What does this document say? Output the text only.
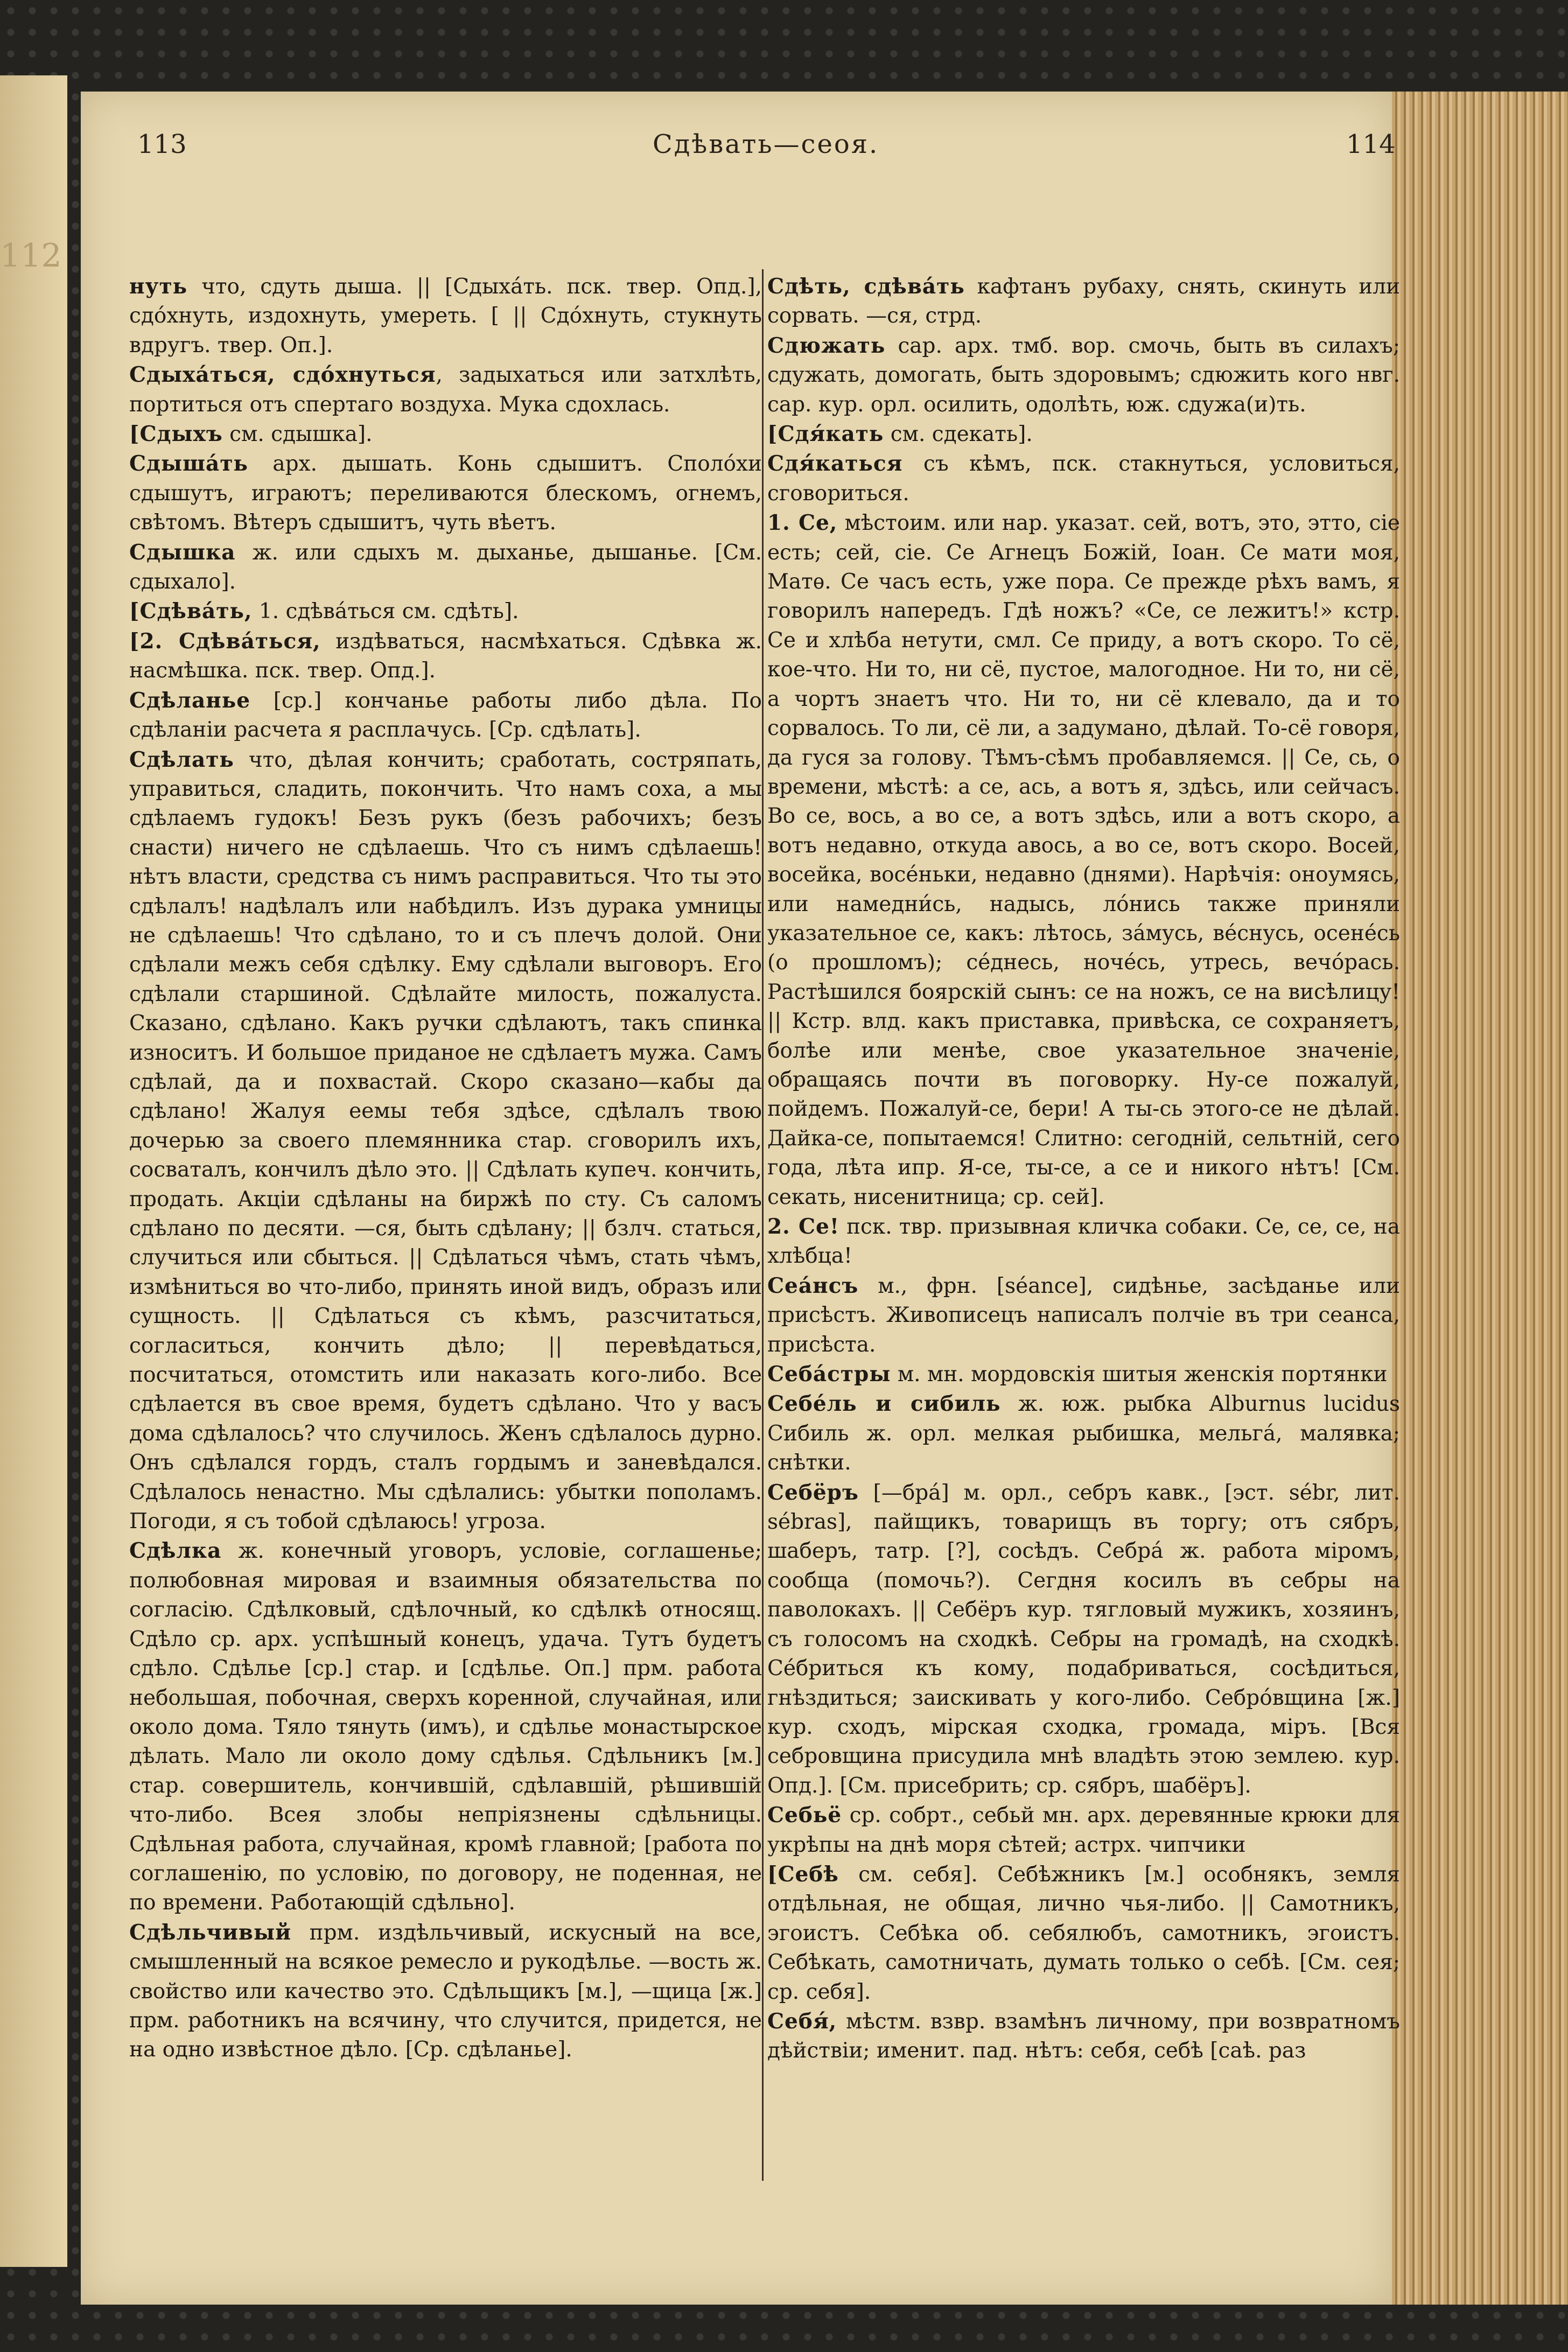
112
113	Сдѣвать—сеоя.	114

нуть что, сдуть дыша. || [Сдыхáть. пск. твер. Опд.], сдóхнуть, издохнуть, умереть. [ || Сдóхнуть, стукнуть вдругъ. твер. Оп.].

Сдыхáться, сдóхнуться, задыхаться или затхлѣть, портиться отъ спертаго воздуха. Мука сдохлась.

[Сдыхъ см. сдышка].

Сдышáть арх. дышать. Конь сдышитъ. Сполóхи сдышутъ, играютъ; переливаются блескомъ, огнемъ, свѣтомъ. Вѣтеръ сдышитъ, чуть вѣетъ.

Сдышка ж. или сдыхъ м. дыханье, дышанье. [См. сдыхало].

[Сдѣвáть, 1. сдѣвáться см. сдѣть].

[2. Сдѣвáться, издѣваться, насмѣхаться. Сдѣвка ж. насмѣшка. пск. твер. Опд.].

Сдѣланье [ср.] кончанье работы либо дѣла. По сдѣланіи расчета я расплачусь. [Ср. сдѣлать].

Сдѣлать что, дѣлая кончить; сработать, состряпать, управиться, сладить, покончить. Что намъ соха, а мы сдѣлаемъ гудокъ! Безъ рукъ (безъ рабочихъ; безъ снасти) ничего не сдѣлаешь. Что съ нимъ сдѣлаешь! нѣтъ власти, средства съ нимъ расправиться. Что ты это сдѣлалъ! надѣлалъ или набѣдилъ. Изъ дурака умницы не сдѣлаешь! Что сдѣлано, то и съ плечъ долой. Они сдѣлали межъ себя сдѣлку. Ему сдѣлали выговоръ. Его сдѣлали старшиной. Сдѣлайте милость, пожалуста. Сказано, сдѣлано. Какъ ручки сдѣлаютъ, такъ спинка износитъ. И большое приданое не сдѣлаетъ мужа. Самъ сдѣлай, да и похвастай. Скоро сказано—кабы да сдѣлано! Жалуя еемы тебя здѣсе, сдѣлалъ твою дочерью за своего племянника стар. сговорилъ ихъ, сосваталъ, кончилъ дѣло это. || Сдѣлать купеч. кончить, продать. Акціи сдѣланы на биржѣ по сту. Съ саломъ сдѣлано по десяти. —ся, быть сдѣлану; || бзлч. статься, случиться или сбыться. || Сдѣлаться чѣмъ, стать чѣмъ, измѣниться во что-либо, принять иной видъ, образъ или сущность. || Сдѣлаться съ кѣмъ, разсчитаться, согласиться, кончить дѣло; || перевѣдаться, посчитаться, отомстить или наказать кого-либо. Все сдѣлается въ свое время, будетъ сдѣлано. Что у васъ дома сдѣлалось? что случилось. Женъ сдѣлалось дурно. Онъ сдѣлался гордъ, сталъ гордымъ и заневѣдался. Сдѣлалось ненастно. Мы сдѣлались: убытки пополамъ. Погоди, я съ тобой сдѣлаюсь! угроза.

Сдѣлка ж. конечный уговоръ, условіе, соглашенье; полюбовная мировая и взаимныя обязательства по согласію. Сдѣлковый, сдѣлочный, ко сдѣлкѣ относящ. Сдѣло ср. арх. успѣшный конецъ, удача. Тутъ будетъ сдѣло. Сдѣлье [ср.] стар. и [сдѣлье. Оп.] прм. работа небольшая, побочная, сверхъ коренной, случайная, или около дома. Тяло тянуть (имъ), и сдѣлье монастырское дѣлать. Мало ли около дому сдѣлья. Сдѣльникъ [м.] стар. совершитель, кончившій, сдѣлавшій, рѣшившій что-либо. Всея злобы непріязнены сдѣльницы. Сдѣльная работа, случайная, кромѣ главной; [работа по соглашенію, по условію, по договору, не поденная, не по времени. Работающій сдѣльно].

Сдѣльчивый прм. издѣльчивый, искусный на все, смышленный на всякое ремесло и рукодѣлье. —вость ж. свойство или качество это. Сдѣльщикъ [м.], —щица [ж.] прм. работникъ на всячину, что случится, придется, не на одно извѣстное дѣло. [Ср. сдѣланье].

Сдѣть, сдѣвáть кафтанъ рубаху, снять, скинуть или сорвать. —ся, стрд.

Сдюжать сар. арх. тмб. вор. смочь, быть въ силахъ; сдужать, домогать, быть здоровымъ; сдюжить кого нвг. сар. кур. орл. осилить, одолѣть, юж. сдужа(и)ть.

[Сдя́кать см. сдекать].

Сдя́каться съ кѣмъ, пск. стакнуться, условиться, сговориться.

1. Се, мѣстоим. или нар. указат. сей, вотъ, это, этто, сіе есть; сей, сіе. Се Агнецъ Божій, Іоан. Се мати моя, Матѳ. Се часъ есть, уже пора. Се прежде рѣхъ вамъ, я говорилъ напередъ. Гдѣ ножъ? «Се, се лежитъ!» кстр. Се и хлѣба нетути, смл. Се приду, а вотъ скоро. То сё, кое-что. Ни то, ни сё, пустое, малогодное. Ни то, ни сё, а чортъ знаетъ что. Ни то, ни сё клевало, да и то сорвалось. То ли, сё ли, а задумано, дѣлай. То-сё говоря, да гуся за голову. Тѣмъ-сѣмъ пробавляемся. || Се, сь, о времени, мѣстѣ: а се, ась, а вотъ я, здѣсь, или сейчасъ. Во се, вось, а во се, а вотъ здѣсь, или а вотъ скоро, а вотъ недавно, откуда авось, а во се, вотъ скоро. Восей, восейка, восéньки, недавно (днями). Нарѣчія: оноумясь, или намедни́сь, надысь, ло́нись также приняли указательное се, какъ: лѣтось, зáмусь, вéснусь, осенéсь (о прошломъ); сéднесь, ночéсь, утресь, вечóрась. Растѣшился боярскій сынъ: се на ножъ, се на висѣлицу! || Кстр. влд. какъ приставка, привѣска, се сохраняетъ, болѣе или менѣе, свое указательное значеніе, обращаясь почти въ поговорку. Ну-се пожалуй, пойдемъ. Пожалуй-се, бери! А ты-сь этого-се не дѣлай. Дайка-се, попытаемся! Слитно: сегодній, сельтній, сего года, лѣта ипр. Я-се, ты-се, а се и никого нѣтъ! [См. секать, нисенитница; ср. сей].

2. Се! пск. твр. призывная кличка собаки. Се, се, се, на хлѣбца!

Сеáнсъ м., фрн. [séance], сидѣнье, засѣданье или присѣстъ. Живописецъ написалъ полчіе въ три сеанса, присѣста.

Себáстры м. мн. мордовскія шитыя женскія портянки

Себéль и сибиль ж. юж. рыбка Alburnus lucidus Сибиль ж. орл. мелкая рыбишка, мельгá, малявка; снѣтки.

Себёръ [—брá] м. орл., себръ кавк., [эст. sébr, лит. sébras], пайщикъ, товарищъ въ торгу; отъ сябръ, шаберъ, татр. [?], сосѣдъ. Себрá ж. работа міромъ, сообща (помочь?). Сегдня косилъ въ себры на паволокахъ. || Себёръ кур. тягловый мужикъ, хозяинъ, съ голосомъ на сходкѣ. Себры на громадѣ, на сходкѣ. Сéбриться къ кому, подабриваться, сосѣдиться, гнѣздиться; заискивать у кого-либо. Себрóвщина [ж.] кур. сходъ, мірская сходка, громада, міръ. [Вся себровщина присудила мнѣ владѣть этою землею. кур. Опд.]. [См. присебрить; ср. сябръ, шабёръ].

Себьё ср. собрт., себьй мн. арх. деревянные крюки для укрѣпы на днѣ моря сѣтей; астрх. чипчики

[Себѣ см. себя]. Себѣжникъ [м.] особнякъ, земля отдѣльная, не общая, лично чья-либо. || Самотникъ, эгоистъ. Себѣка об. себялюбъ, самотникъ, эгоистъ. Себѣкать, самотничать, думать только о себѣ. [См. сея; ср. себя].

Себя́, мѣстм. взвр. взамѣнъ личному, при возвратномъ дѣйствіи; именит. пад. нѣтъ: себя, себѣ [саѣ. раз
